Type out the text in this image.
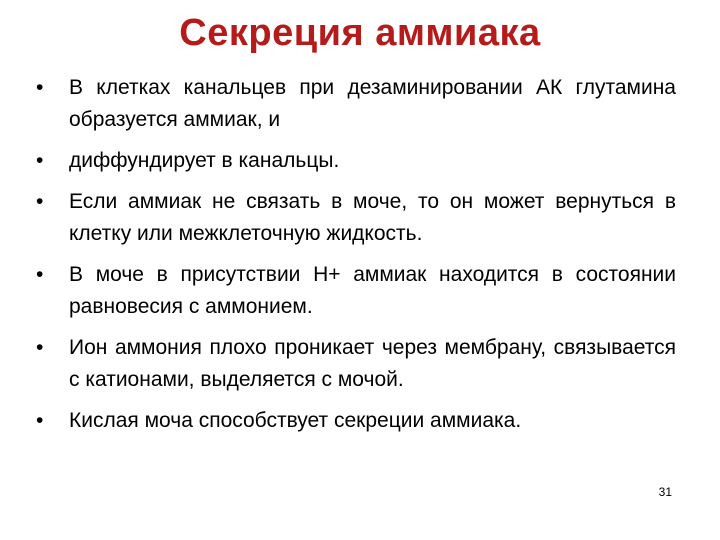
Секреция аммиака
• В клетках канальцев при дезаминировании АК глутамина образуется аммиак, и
• диффундирует в канальцы.
• Если аммиак не связать в моче, то он может вернуться в клетку или межклеточную жидкость.
• В моче в присутствии Н+ аммиак находится в состоянии равновесия с аммонием.
• Ион аммония плохо проникает через мембрану, связывается с катионами, выделяется с мочой.
• Кислая моча способствует секреции аммиака.
31
